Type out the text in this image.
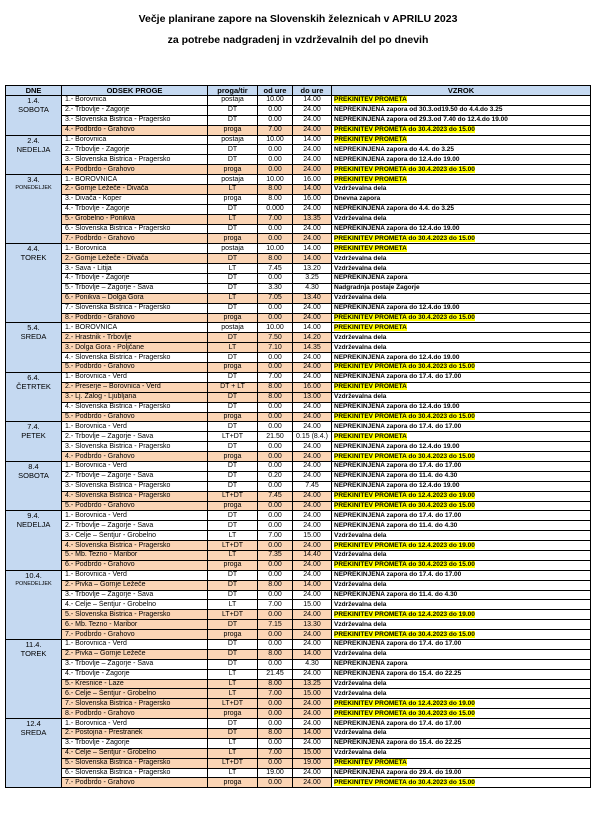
Večje planirane zapore na Slovenskih železnicah v APRILU 2023
za potrebe nadgradenj in vzdrževalnih del po dnevih
DNE	ODSEK PROGE	proga/tir	od ure	do ure	VZROK

1.4.
SOBOTA	1.- Borovnica	postaja	10.00	14.00	PREKINITEV PROMETA
	2.- Trbovlje - Zagorje	DT	0.00	24.00	NEPREKINJENA zapora od 30.3.od19.50 do 4.4.do 3.25
	3.- Slovenska Bistrica - Pragersko	DT	0.00	24.00	NEPREKINJENA zapora od 29.3.od 7.40 do 12.4.do 19.00
	4.- Podbrdo - Grahovo	proga	7.00	24.00	PREKINITEV PROMETA do 30.4.2023 do 15.00

2.4.
NEDELJA	1.- Borovnica	postaja	10.00	14.00	PREKINITEV PROMETA
	2.- Trbovlje - Zagorje	DT	0.00	24.00	NEPREKINJENA zapora do 4.4. do 3.25
	3.- Slovenska Bistrica - Pragersko	DT	0.00	24.00	NEPREKINJENA zapora do 12.4.do 19.00
	4.- Podbrdo - Grahovo	proga	0.00	24.00	PREKINITEV PROMETA do 30.4.2023 do 15.00

3.4.
PONEDELJEK	1.- BOROVNICA	postaja	10.00	16.00	PREKINITEV PROMETA
	2.- Gornje Ležeče - Divača	LT	8.00	14.00	Vzdrževalna dela
	3.- Divača - Koper	proga	8.00	16.00	Dnevna zapora
	4.- Trbovlje - Zagorje	DT	0.000	24.00	NEPREKINJENA zapora do 4.4. do 3.25
	5.- Grobelno - Ponikva	LT	7.00	13.35	Vzdrževalna dela
	6.- Slovenska Bistrica - Pragersko	DT	0.00	24.00	NEPREKINJENA zapora do 12.4.do 19.00
	7.- Podbrdo - Grahovo	proga	0.00	24.00	PREKINITEV PROMETA do 30.4.2023 do 15.00

4.4.
TOREK	1.- Borovnica	postaja	10.00	14.00	PREKINITEV PROMETA
	2.- Gornje Ležeče - Divača	DT	8.00	14.00	Vzdrževalna dela
	3.- Sava - Litija	LT	7.45	13.20	Vzdrževalna dela
	4.- Trbovlje - Zagorje	DT	0.00	3.25	NEPREKINJENA zapora
	5.- Trbovlje – Zagorje - Sava	DT	3.30	4.30	Nadgradnja postaje Zagorje
	6.- Ponikva – Dolga Gora	LT	7.05	13.40	Vzdrževalna dela
	7.- Slovenska Bistrica - Pragersko	DT	0.00	24.00	NEPREKINJENA zapora do 12.4.do 19.00
	8.- Podbrdo - Grahovo	proga	0.00	24.00	PREKINITEV PROMETA do 30.4.2023 do 15.00

5.4.
SREDA	1.- BOROVNICA	postaja	10.00	14.00	PREKINITEV PROMETA
	2.- Hrastnik - Trbovlje	DT	7.50	14.20	Vzdrževalna dela
	3.- Dolga Gora - Poljčane	LT	7.10	14.35	Vzdrževalna dela
	4.- Slovenska Bistrica - Pragersko	DT	0.00	24.00	NEPREKINJENA zapora do 12.4.do 19.00
	5.- Podbrdo - Grahovo	proga	0.00	24.00	PREKINITEV PROMETA do 30.4.2023 do 15.00

6.4.
ČETRTEK	1.- Borovnica - Verd	DT	7.00	24.00	NEPREKINJENA zapora do 17.4. do 17.00
	2.- Preserje – Borovnica - Verd	DT + LT	8.00	16.00	PREKINITEV PROMETA
	3.- Lj. Zalog - Ljubljana	DT	8.00	13.00	Vzdrževalna dela
	4.- Slovenska Bistrica - Pragersko	DT	0.00	24.00	NEPREKINJENA zapora do 12.4.do 19.00
	5.- Podbrdo - Grahovo	proga	0.00	24.00	PREKINITEV PROMETA do 30.4.2023 do 15.00

7.4.
PETEK	1.- Borovnica - Verd	DT	0.00	24.00	NEPREKINJENA zapora do 17.4. do 17.00
	2.- Trbovlje – Zagorje - Sava	LT+DT	21.50	0.15 (8.4.)	PREKINITEV PROMETA
	3.- Slovenska Bistrica - Pragersko	DT	0.00	24.00	NEPREKINJENA zapora do 12.4.do 19.00
	4.- Podbrdo - Grahovo	proga	0.00	24.00	PREKINITEV PROMETA do 30.4.2023 do 15.00

8.4
SOBOTA	1.- Borovnica - Verd	DT	0.00	24.00	NEPREKINJENA zapora do 17.4. do 17.00
	2.- Trbovlje – Zagorje - Sava	DT	0.20	24.00	NEPREKINJENA zapora do 11.4. do 4.30
	3.- Slovenska Bistrica - Pragersko	DT	0.00	7.45	NEPREKINJENA zapora do 12.4.do 19.00
	4.- Slovenska Bistrica - Pragersko	LT+DT	7.45	24.00	PREKINITEV PROMETA do 12.4.2023 do 19.00
	5.- Podbrdo - Grahovo	proga	0.00	24.00	PREKINITEV PROMETA do 30.4.2023 do 15.00

9.4.
NEDELJA	1.- Borovnica - Verd	DT	0.00	24.00	NEPREKINJENA zapora do 17.4. do 17.00
	2.- Trbovlje – Zagorje - Sava	DT	0.00	24.00	NEPREKINJENA zapora do 11.4. do 4.30
	3.- Celje – Šentjur - Grobelno	LT	7.00	15.00	Vzdrževalna dela
	4.- Slovenska Bistrica - Pragersko	LT+DT	0.00	24.00	PREKINITEV PROMETA do 12.4.2023 do 19.00
	5.- Mb. Tezno - Maribor	LT	7.35	14.40	Vzdrževalna dela
	6.- Podbrdo - Grahovo	proga	0.00	24.00	PREKINITEV PROMETA do 30.4.2023 do 15.00

10.4.
PONEDELJEK	1.- Borovnica - Verd	DT	0.00	24.00	NEPREKINJENA zapora do 17.4. do 17.00
	2.- Pivka – Gornje Ležeče	DT	8.00	14.00	Vzdrževalna dela
	3.- Trbovlje – Zagorje - Sava	DT	0.00	24.00	NEPREKINJENA zapora do 11.4. do 4.30
	4.- Celje – Šentjur - Grobelno	LT	7.00	15.00	Vzdrževalna dela
	5.- Slovenska Bistrica - Pragersko	LT+DT	0.00	24.00	PREKINITEV PROMETA do 12.4.2023 do 19.00
	6.- Mb. Tezno - Maribor	DT	7.15	13.30	Vzdrževalna dela
	7.- Podbrdo - Grahovo	proga	0.00	24.00	PREKINITEV PROMETA do 30.4.2023 do 15.00

11.4.
TOREK	1.- Borovnica - Verd	DT	0.00	24.00	NEPREKINJENA zapora do 17.4. do 17.00
	2.- Pivka – Gornje Ležeče	DT	8.00	14.00	Vzdrževalna dela
	3.- Trbovlje – Zagorje - Sava	DT	0.00	4.30	NEPREKINJENA zapora
	4.- Trbovlje - Zagorje	LT	21.45	24.00	NEPREKINJENA zapora do 15.4. do 22.25
	5.- Kresnice - Laze	LT	8.00	13.25	Vzdrževalna dela
	6.- Celje – Šentjur - Grobelno	LT	7.00	15.00	Vzdrževalna dela
	7.- Slovenska Bistrica - Pragersko	LT+DT	0.00	24.00	PREKINITEV PROMETA do 12.4.2023 do 19.00
	8.- Podbrdo - Grahovo	proga	0.00	24.00	PREKINITEV PROMETA do 30.4.2023 do 15.00

12.4
SREDA	1.- Borovnica - Verd	DT	0.00	24.00	NEPREKINJENA zapora do 17.4. do 17.00
	2.- Postojna - Prestranek	DT	8.00	14.00	Vzdrževalna dela
	3.- Trbovlje - Zagorje	LT	0.00	24.00	NEPREKINJENA zapora do 15.4. do 22.25
	4.- Celje – Šentjur - Grobelno	LT	7.00	15.00	Vzdrževalna dela
	5.- Slovenska Bistrica - Pragersko	LT+DT	0.00	19.00	PREKINITEV PROMETA
	6.- Slovenska Bistrica - Pragersko	LT	19.00	24.00	NEPREKINJENA zapora do 29.4. do 19.00
	7.- Podbrdo - Grahovo	proga	0.00	24.00	PREKINITEV PROMETA do 30.4.2023 do 15.00
